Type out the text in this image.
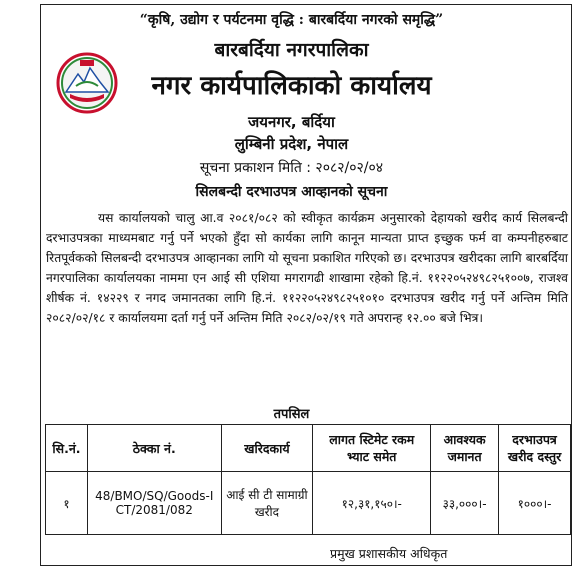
“कृषि, उद्योग र पर्यटनमा वृद्धि : बारबर्दिया नगरको समृद्धि”
बारबर्दिया नगरपालिका
नगर कार्यपालिकाको कार्यालय
जयनगर, बर्दिया
लुम्बिनी प्रदेश, नेपाल
सूचना प्रकाशन मिति : २०८२/०२/०४
सिलबन्दी दरभाउपत्र आव्हानको सूचना
यस कार्यालयको चालु आ.व २०८१/०८२ को स्वीकृत कार्यक्रम अनुसारको देहायको खरीद कार्य सिलबन्दी दरभाउपत्रका माध्यमबाट गर्नु पर्ने भएको हुँदा सो कार्यका लागि कानून मान्यता प्राप्त इच्छुक फर्म वा कम्पनीहरुबाट रितपूर्वकको सिलबन्दी दरभाउपत्र आव्हानका लागि यो सूचना प्रकाशित गरिएको छ। दरभाउपत्र खरीदका लागि बारबर्दिया नगरपालिका कार्यालयका नाममा एन आई सी एशिया मगरागढी शाखामा रहेको हि.नं. ११२२०५२४९८२५१००७, राजश्व शीर्षक नं. १४२२९ र नगद जमानतका लागि हि.नं. ११२२०५२४९८२५१०१० दरभाउपत्र खरीद गर्नु पर्ने अन्तिम मिति २०८२/०२/१८ र कार्यालयमा दर्ता गर्नु पर्ने अन्तिम मिति २०८२/०२/१९ गते अपरान्ह १२.०० बजे भित्र।
तपसिल
सि.नं.	ठेक्का नं.	खरिदकार्य	लागत स्टिमेट रकम भ्याट समेत	आवश्यक जमानत	दरभाउपत्र खरीद दस्तुर
१	48/BMO/SQ/Goods-ICT/2081/082	आई सी टी सामाग्री खरीद	१२,३१,१५०।-	३३,०००।-	१०००।-
प्रमुख प्रशासकीय अधिकृत
